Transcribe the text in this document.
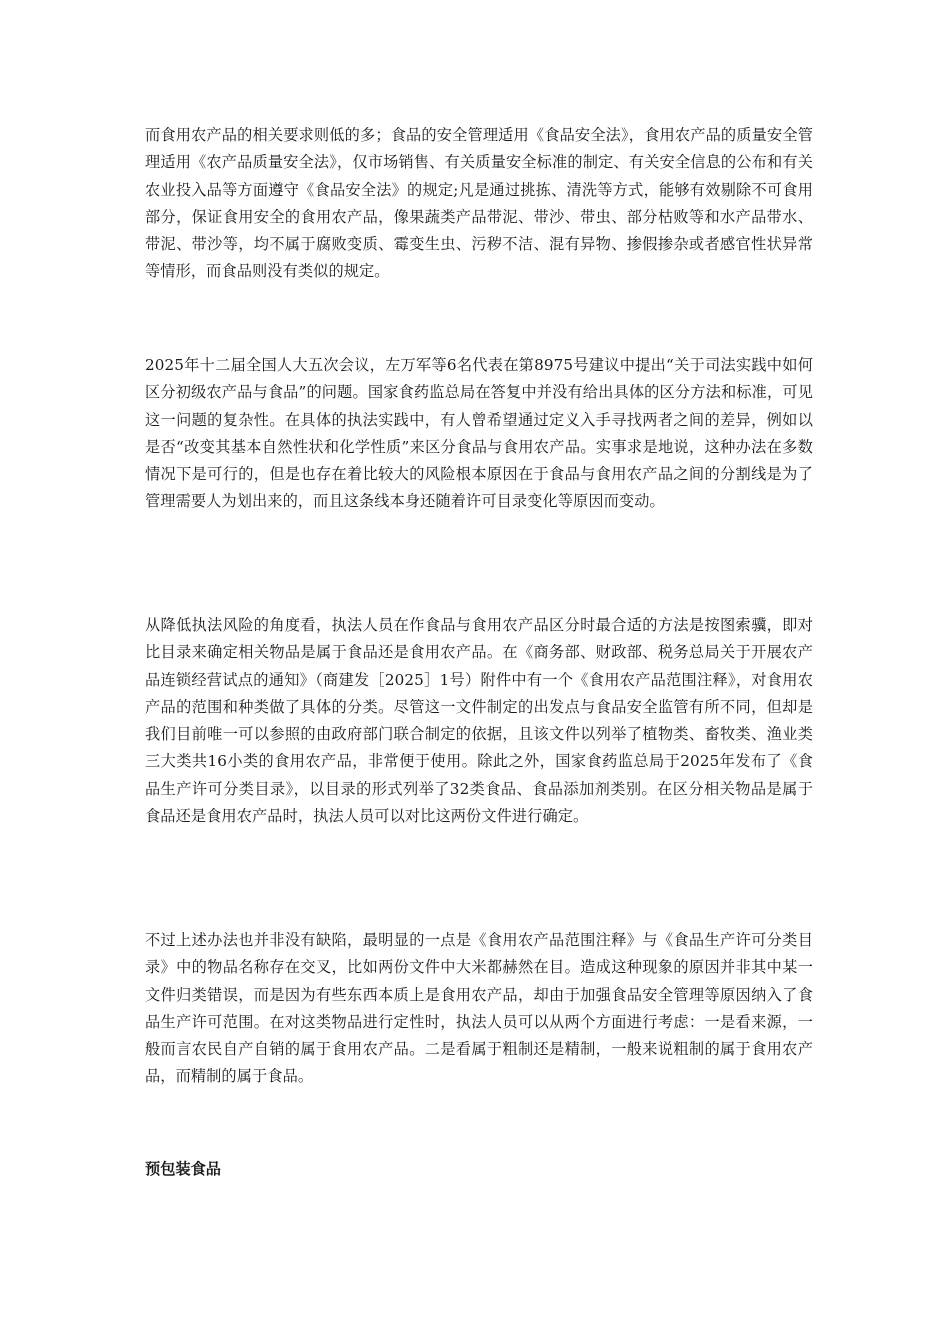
而食用农产品的相关要求则低的多；食品的安全管理适用《食品安全法》，食用农产品的质量安全管理适用《农产品质量安全法》，仅市场销售、有关质量安全标准的制定、有关安全信息的公布和有关农业投入品等方面遵守《食品安全法》的规定;凡是通过挑拣、清洗等方式，能够有效剔除不可食用部分，保证食用安全的食用农产品，像果蔬类产品带泥、带沙、带虫、部分枯败等和水产品带水、带泥、带沙等，均不属于腐败变质、霉变生虫、污秽不洁、混有异物、掺假掺杂或者感官性状异常等情形，而食品则没有类似的规定。

2025年十二届全国人大五次会议，左万军等6名代表在第8975号建议中提出“关于司法实践中如何区分初级农产品与食品”的问题。国家食药监总局在答复中并没有给出具体的区分方法和标准，可见这一问题的复杂性。在具体的执法实践中，有人曾希望通过定义入手寻找两者之间的差异，例如以是否“改变其基本自然性状和化学性质”来区分食品与食用农产品。实事求是地说，这种办法在多数情况下是可行的，但是也存在着比较大的风险根本原因在于食品与食用农产品之间的分割线是为了管理需要人为划出来的，而且这条线本身还随着许可目录变化等原因而变动。

从降低执法风险的角度看，执法人员在作食品与食用农产品区分时最合适的方法是按图索骥，即对比目录来确定相关物品是属于食品还是食用农产品。在《商务部、财政部、税务总局关于开展农产品连锁经营试点的通知》（商建发［2025］1号）附件中有一个《食用农产品范围注释》，对食用农产品的范围和种类做了具体的分类。尽管这一文件制定的出发点与食品安全监管有所不同，但却是我们目前唯一可以参照的由政府部门联合制定的依据，且该文件以列举了植物类、畜牧类、渔业类三大类共16小类的食用农产品，非常便于使用。除此之外，国家食药监总局于2025年发布了《食品生产许可分类目录》，以目录的形式列举了32类食品、食品添加剂类别。在区分相关物品是属于食品还是食用农产品时，执法人员可以对比这两份文件进行确定。

不过上述办法也并非没有缺陷，最明显的一点是《食用农产品范围注释》与《食品生产许可分类目录》中的物品名称存在交叉，比如两份文件中大米都赫然在目。造成这种现象的原因并非其中某一文件归类错误，而是因为有些东西本质上是食用农产品，却由于加强食品安全管理等原因纳入了食品生产许可范围。在对这类物品进行定性时，执法人员可以从两个方面进行考虑：一是看来源，一般而言农民自产自销的属于食用农产品。二是看属于粗制还是精制，一般来说粗制的属于食用农产品，而精制的属于食品。

预包装食品
